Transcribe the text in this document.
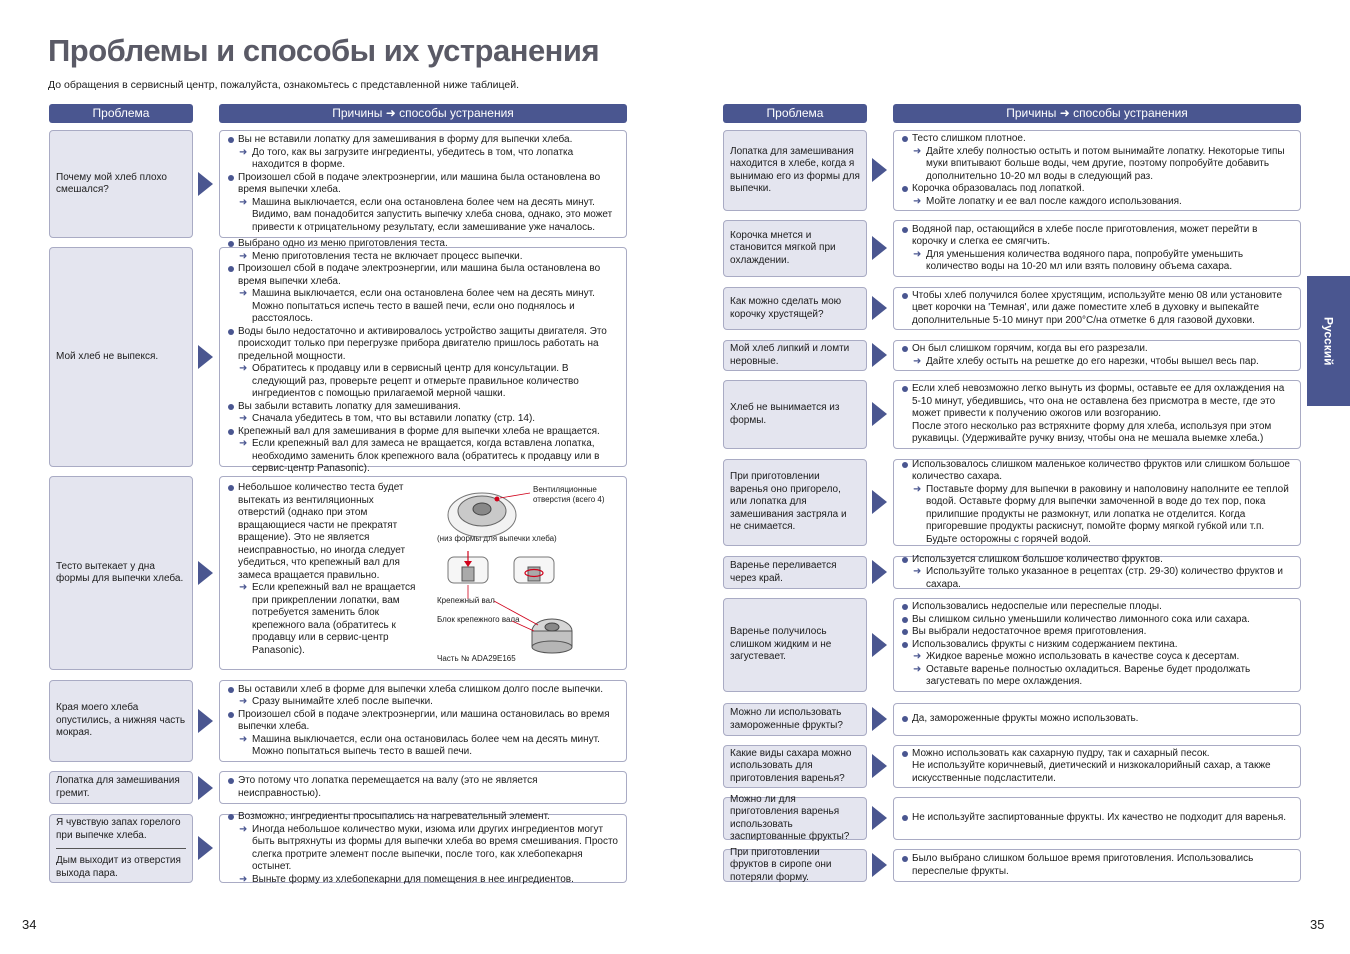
Проблемы и способы их устранения
До обращения в сервисный центр, пожалуйста, ознакомьтесь с представленной ниже таблицей.
Проблема	Причины ➜ способы устранения
Почему мой хлеб плохо смешался?
Вы не вставили лопатку для замешивания в форму для выпечки хлеба.
➜ До того, как вы загрузите ингредиенты, убедитесь в том, что лопатка находится в форме.
Произошел сбой в подаче электроэнергии, или машина была остановлена во время выпечки хлеба.
➜ Машина выключается, если она остановлена более чем на десять минут. Видимо, вам понадобится запустить выпечку хлеба снова, однако, это может привести к отрицательному результату, если замешивание уже началось.
Мой хлеб не выпекся.
Выбрано одно из меню приготовления теста.
➜ Меню приготовления теста не включает процесс выпечки.
Произошел сбой в подаче электроэнергии, или машина была остановлена во время выпечки хлеба.
➜ Машина выключается, если она остановлена более чем на десять минут. Можно попытаться испечь тесто в вашей печи, если оно поднялось и расстоялось.
Воды было недостаточно и активировалось устройство защиты двигателя. Это происходит только при перегрузке прибора двигателю пришлось работать на предельной мощности.
➜ Обратитесь к продавцу или в сервисный центр для консультации. В следующий раз, проверьте рецепт и отмерьте правильное количество ингредиентов с помощью прилагаемой мерной чашки.
Вы забыли вставить лопатку для замешивания.
➜ Сначала убедитесь в том, что вы вставили лопатку (стр. 14).
Крепежный вал для замешивания в форме для выпечки хлеба не вращается.
➜ Если крепежный вал для замеса не вращается, когда вставлена лопатка, необходимо заменить блок крепежного вала (обратитесь к продавцу или в сервис-центр Panasonic).
Тесто вытекает у дна формы для выпечки хлеба.
Небольшое количество теста будет вытекать из вентиляционных отверстий (однако при этом вращающиеся части не прекратят вращение). Это не является неисправностью, но иногда следует убедиться, что крепежный вал для замеса вращается правильно.
➜ Если крепежный вал не вращается при прикреплении лопатки, вам потребуется заменить блок крепежного вала (обратитесь к продавцу или в сервис-центр Panasonic).
Вентиляционные отверстия (всего 4)
(низ формы для выпечки хлеба)
Крепежный вал
Блок крепежного вала
Часть № ADA29E165
Края моего хлеба опустились, а нижняя часть мокрая.
Вы оставили хлеб в форме для выпечки хлеба слишком долго после выпечки.
➜ Сразу вынимайте хлеб после выпечки.
Произошел сбой в подаче электроэнергии, или машина остановилась во время выпечки хлеба.
➜ Машина выключается, если она остановилась более чем на десять минут. Можно попытаться выпечь тесто в вашей печи.
Лопатка для замешивания гремит.
Это потому что лопатка перемещается на валу (это не является неисправностью).
Я чувствую запах горелого при выпечке хлеба.
Дым выходит из отверстия выхода пара.
Возможно, ингредиенты просыпались на нагревательный элемент.
➜ Иногда небольшое количество муки, изюма или других ингредиентов могут быть вытряхнуты из формы для выпечки хлеба во время смешивания. Просто слегка протрите элемент после выпечки, после того, как хлебопекарня остынет.
➜ Выньте форму из хлебопекарни для помещения в нее ингредиентов.
34
Проблема	Причины ➜ способы устранения
Лопатка для замешивания находится в хлебе, когда я вынимаю его из формы для выпечки.
Тесто слишком плотное.
➜ Дайте хлебу полностью остыть и потом вынимайте лопатку. Некоторые типы муки впитывают больше воды, чем другие, поэтому попробуйте добавить дополнительно 10-20 мл воды в следующий раз.
Корочка образовалась под лопаткой.
➜ Мойте лопатку и ее вал после каждого использования.
Корочка мнется и становится мягкой при охлаждении.
Водяной пар, остающийся в хлебе после приготовления, может перейти в корочку и слегка ее смягчить.
➜ Для уменьшения количества водяного пара, попробуйте уменьшить количество воды на 10-20 мл или взять половину объема сахара.
Как можно сделать мою корочку хрустящей?
Чтобы хлеб получился более хрустящим, используйте меню 08 или установите цвет корочки на 'Темная', или даже поместите хлеб в духовку и выпекайте дополнительные 5-10 минут при 200°C/на отметке 6 для газовой духовки.
Мой хлеб липкий и ломти неровные.
Он был слишком горячим, когда вы его разрезали.
➜ Дайте хлебу остыть на решетке до его нарезки, чтобы вышел весь пар.
Хлеб не вынимается из формы.
Если хлеб невозможно легко вынуть из формы, оставьте ее для охлаждения на 5-10 минут, убедившись, что она не оставлена без присмотра в месте, где это может привести к получению ожогов или возгоранию.
После этого несколько раз встряхните форму для хлеба, используя при этом рукавицы. (Удерживайте ручку внизу, чтобы она не мешала выемке хлеба.)
При приготовлении варенья оно пригорело, или лопатка для замешивания застряла и не снимается.
Использовалось слишком маленькое количество фруктов или слишком большое количество сахара.
➜ Поставьте форму для выпечки в раковину и наполовину наполните ее теплой водой. Оставьте форму для выпечки замоченной в воде до тех пор, пока прилипшие продукты не размокнут, или лопатка не отделится. Когда пригоревшие продукты раскиснут, помойте форму мягкой губкой или т.п. Будьте осторожны с горячей водой.
Варенье переливается через край.
Используется слишком большое количество фруктов.
➜ Используйте только указанное в рецептах (стр. 29-30) количество фруктов и сахара.
Варенье получилось слишком жидким и не загустевает.
Использовались недоспелые или переспелые плоды.
Вы слишком сильно уменьшили количество лимонного сока или сахара.
Вы выбрали недостаточное время приготовления.
Использовались фрукты с низким содержанием пектина.
➜ Жидкое варенье можно использовать в качестве соуса к десертам.
➜ Оставьте варенье полностью охладиться. Варенье будет продолжать загустевать по мере охлаждения.
Можно ли использовать замороженные фрукты?
Да, замороженные фрукты можно использовать.
Какие виды сахара можно использовать для приготовления варенья?
Можно использовать как сахарную пудру, так и сахарный песок.
Не используйте коричневый, диетический и низкокалорийный сахар, а также искусственные подсластители.
Можно ли для приготовления варенья использовать заспиртованные фрукты?
Не используйте заспиртованные фрукты. Их качество не подходит для варенья.
При приготовлении фруктов в сиропе они потеряли форму.
Было выбрано слишком большое время приготовления. Использовались переспелые фрукты.
Русский
35
